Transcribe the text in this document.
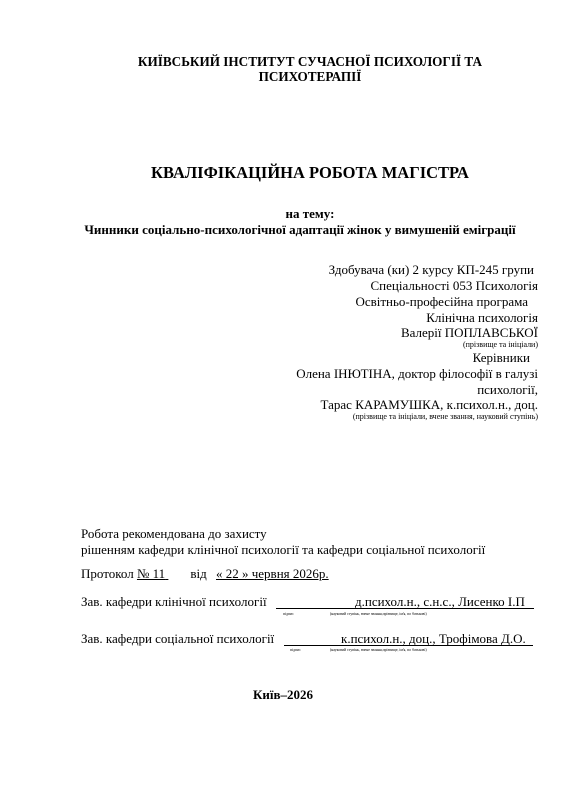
КИЇВСЬКИЙ ІНСТИТУТ СУЧАСНОЇ ПСИХОЛОГІЇ ТА ПСИХОТЕРАПІЇ
КВАЛІФІКАЦІЙНА РОБОТА МАГІСТРА
на тему:
Чинники соціально-психологічної адаптації жінок у вимушеній еміграції
Здобувача (ки) 2 курсу КП-245 групи
Спеціальності 053 Психологія
Освітньо-професійна програма
Клінічна психологія
Валерії ПОПЛАВСЬКОЇ
(прізвище та ініціали)
Керівники
Олена ІНЮТІНА, доктор філософії в галузі
психології,
Тарас КАРАМУШКА, к.психол.н., доц.
(прізвище та ініціали, вчене звання, науковий ступінь)
Робота рекомендована до захисту
рішенням кафедри клінічної психології та кафедри соціальної психології
Протокол № 11 від « 22 » червня 2026р.
Зав. кафедри клінічної психології	д.психол.н., с.н.с., Лисенко І.П
підпис	(науковий ступінь, вчене звання,прізвище, ім'я, по батькові)
Зав. кафедри соціальної психології	к.психол.н., доц., Трофімова Д.О.
підпис	(науковий ступінь, вчене звання,прізвище, ім'я, по батькові)
Київ–2026
